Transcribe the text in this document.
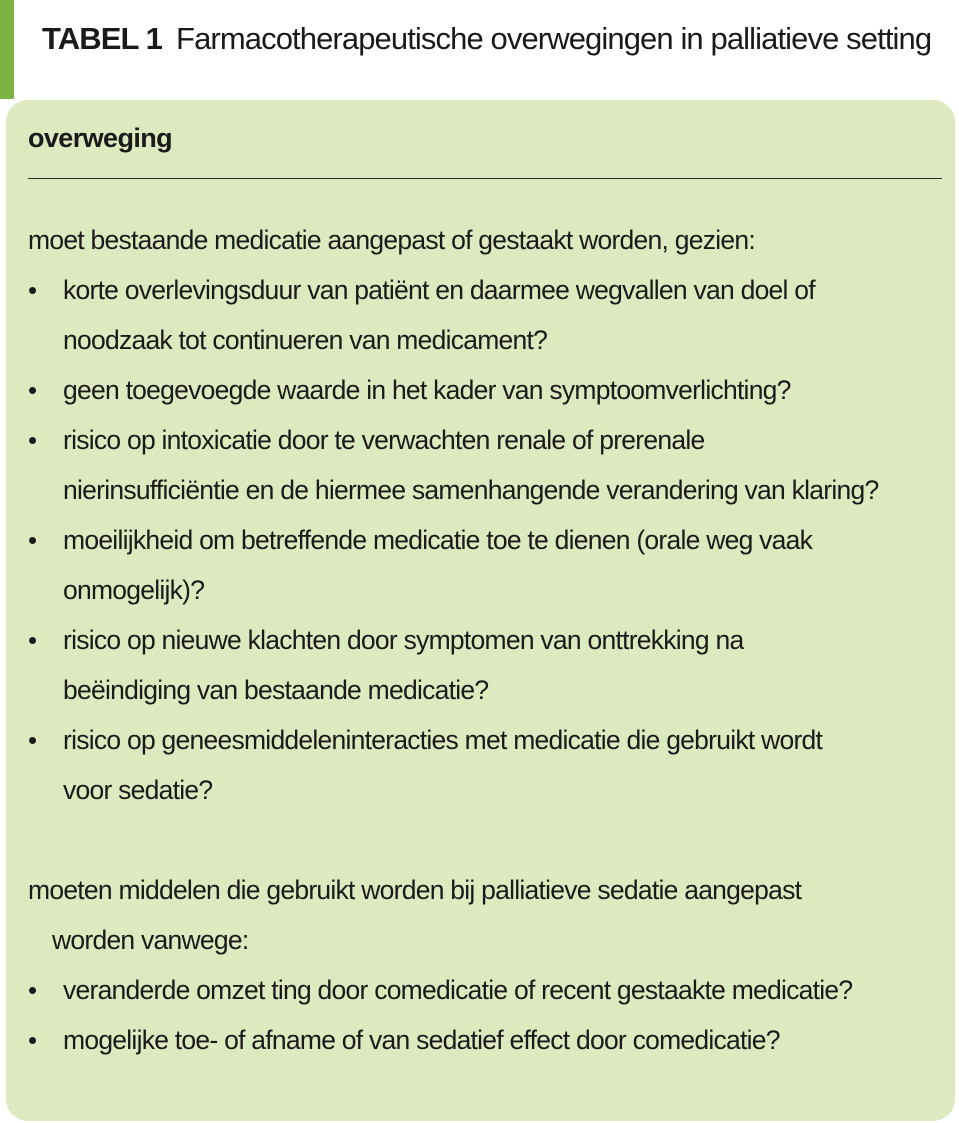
TABEL 1 Farmacotherapeutische overwegingen in palliatieve setting
overweging
moet bestaande medicatie aangepast of gestaakt worden, gezien:
• korte overlevingsduur van patiënt en daarmee wegvallen van doel of
noodzaak tot continueren van medicament?
• geen toegevoegde waarde in het kader van symptoomverlichting?
• risico op intoxicatie door te verwachten renale of prerenale
nierinsufficiëntie en de hiermee samenhangende verandering van klaring?
• moeilijkheid om betreffende medicatie toe te dienen (orale weg vaak
onmogelijk)?
• risico op nieuwe klachten door symptomen van onttrekking na
beëindiging van bestaande medicatie?
• risico op geneesmiddeleninteracties met medicatie die gebruikt wordt
voor sedatie?
moeten middelen die gebruikt worden bij palliatieve sedatie aangepast
worden vanwege:
• veranderde omzet ting door comedicatie of recent gestaakte medicatie?
• mogelijke toe- of afname of van sedatief effect door comedicatie?
